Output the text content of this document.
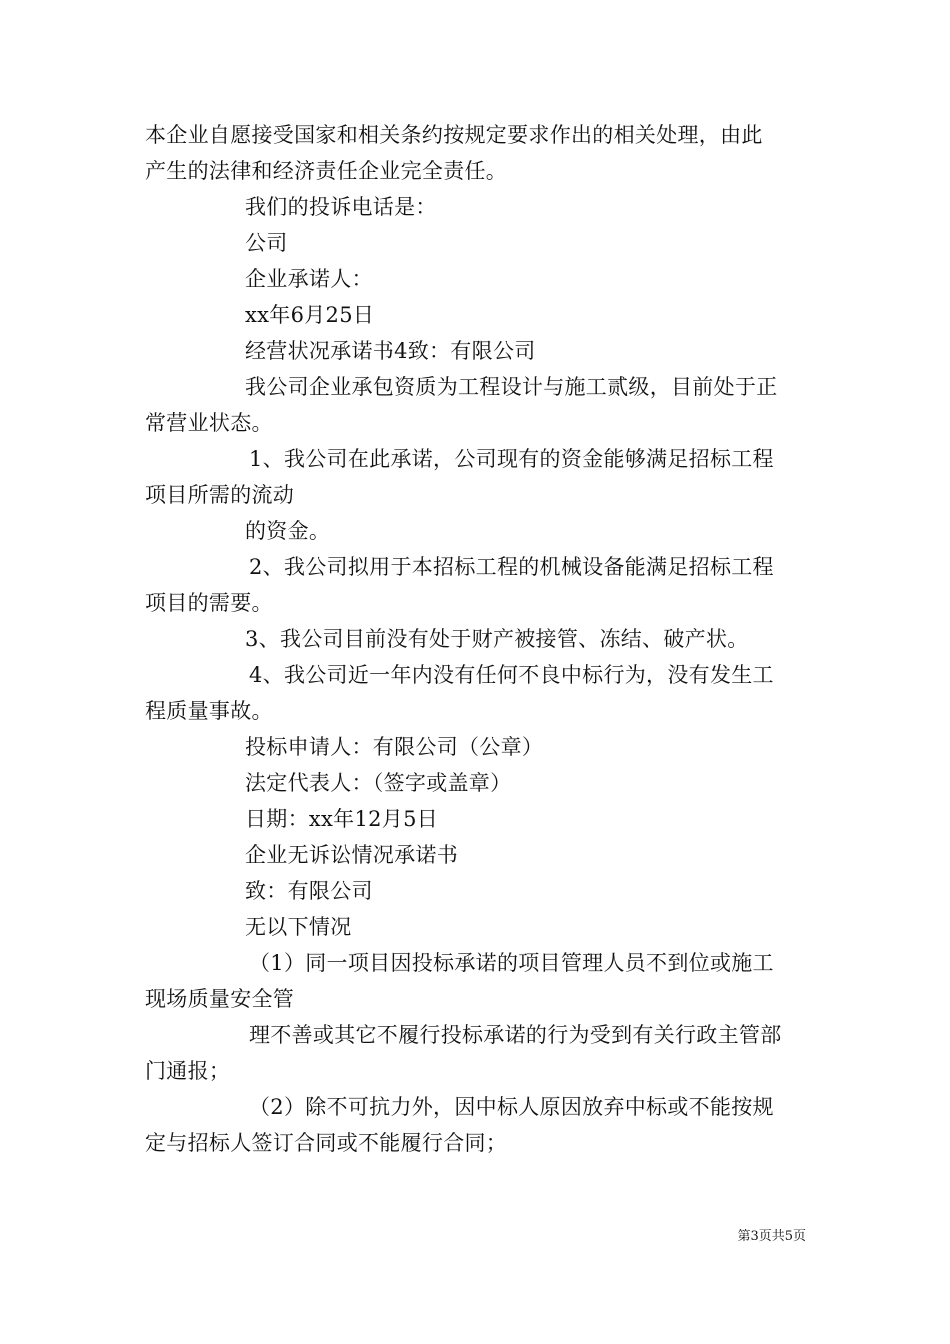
本企业自愿接受国家和相关条约按规定要求作出的相关处理，由此
产生的法律和经济责任企业完全责任。
我们的投诉电话是：
公司
企业承诺人：
xx年6月25日
经营状况承诺书4致：有限公司
我公司企业承包资质为工程设计与施工贰级，目前处于正
常营业状态。
1、我公司在此承诺，公司现有的资金能够满足招标工程
项目所需的流动
的资金。
2、我公司拟用于本招标工程的机械设备能满足招标工程
项目的需要。
3、我公司目前没有处于财产被接管、冻结、破产状。
4、我公司近一年内没有任何不良中标行为，没有发生工
程质量事故。
投标申请人：有限公司（公章）
法定代表人：（签字或盖章）
日期：xx年12月5日
企业无诉讼情况承诺书
致：有限公司
无以下情况
（1）同一项目因投标承诺的项目管理人员不到位或施工
现场质量安全管
理不善或其它不履行投标承诺的行为受到有关行政主管部
门通报；
（2）除不可抗力外，因中标人原因放弃中标或不能按规
定与招标人签订合同或不能履行合同；
第3页共5页
